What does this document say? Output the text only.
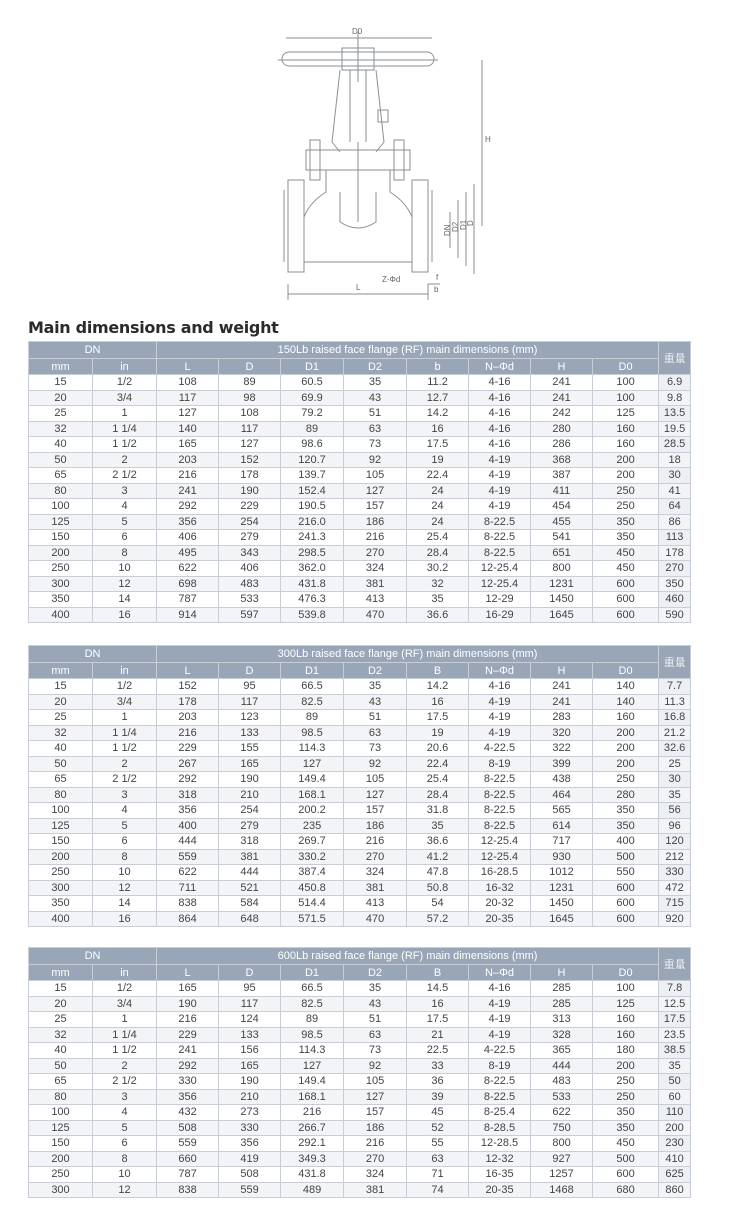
D0
H
DN D2 D1
D
Z-Φd	f
b
L
Main dimensions and weight
DN		150Lb raised face flange (RF) main dimensions (mm)								重量
mm	in	L	D	D1	D2	b	N–Φd	H	D0	
15	1/2	108	89	60.5	35	11.2	4-16	241	100	6.9
20	3/4	117	98	69.9	43	12.7	4-16	241	100	9.8
25	1	127	108	79.2	51	14.2	4-16	242	125	13.5
32	1 1/4	140	117	89	63	16	4-16	280	160	19.5
40	1 1/2	165	127	98.6	73	17.5	4-16	286	160	28.5
50	2	203	152	120.7	92	19	4-19	368	200	18
65	2 1/2	216	178	139.7	105	22.4	4-19	387	200	30
80	3	241	190	152.4	127	24	4-19	411	250	41
100	4	292	229	190.5	157	24	4-19	454	250	64
125	5	356	254	216.0	186	24	8-22.5	455	350	86
150	6	406	279	241.3	216	25.4	8-22.5	541	350	113
200	8	495	343	298.5	270	28.4	8-22.5	651	450	178
250	10	622	406	362.0	324	30.2	12-25.4	800	450	270
300	12	698	483	431.8	381	32	12-25.4	1231	600	350
350	14	787	533	476.3	413	35	12-29	1450	600	460
400	16	914	597	539.8	470	36.6	16-29	1645	600	590
DN		300Lb raised face flange (RF) main dimensions (mm)								重量
mm	in	L	D	D1	D2	B	N–Φd	H	D0	
15	1/2	152	95	66.5	35	14.2	4-16	241	140	7.7
20	3/4	178	117	82.5	43	16	4-19	241	140	11.3
25	1	203	123	89	51	17.5	4-19	283	160	16.8
32	1 1/4	216	133	98.5	63	19	4-19	320	200	21.2
40	1 1/2	229	155	114.3	73	20.6	4-22.5	322	200	32.6
50	2	267	165	127	92	22.4	8-19	399	200	25
65	2 1/2	292	190	149.4	105	25.4	8-22.5	438	250	30
80	3	318	210	168.1	127	28.4	8-22.5	464	280	35
100	4	356	254	200.2	157	31.8	8-22.5	565	350	56
125	5	400	279	235	186	35	8-22.5	614	350	96
150	6	444	318	269.7	216	36.6	12-25.4	717	400	120
200	8	559	381	330.2	270	41.2	12-25.4	930	500	212
250	10	622	444	387.4	324	47.8	16-28.5	1012	550	330
300	12	711	521	450.8	381	50.8	16-32	1231	600	472
350	14	838	584	514.4	413	54	20-32	1450	600	715
400	16	864	648	571.5	470	57.2	20-35	1645	600	920
DN		600Lb raised face flange (RF) main dimensions (mm)								重量
mm	in	L	D	D1	D2	B	N–Φd	H	D0	
15	1/2	165	95	66.5	35	14.5	4-16	285	100	7.8
20	3/4	190	117	82.5	43	16	4-19	285	125	12.5
25	1	216	124	89	51	17.5	4-19	313	160	17.5
32	1 1/4	229	133	98.5	63	21	4-19	328	160	23.5
40	1 1/2	241	156	114.3	73	22.5	4-22.5	365	180	38.5
50	2	292	165	127	92	33	8-19	444	200	35
65	2 1/2	330	190	149.4	105	36	8-22.5	483	250	50
80	3	356	210	168.1	127	39	8-22.5	533	250	60
100	4	432	273	216	157	45	8-25.4	622	350	110
125	5	508	330	266.7	186	52	8-28.5	750	350	200
150	6	559	356	292.1	216	55	12-28.5	800	450	230
200	8	660	419	349.3	270	63	12-32	927	500	410
250	10	787	508	431.8	324	71	16-35	1257	600	625
300	12	838	559	489	381	74	20-35	1468	680	860
